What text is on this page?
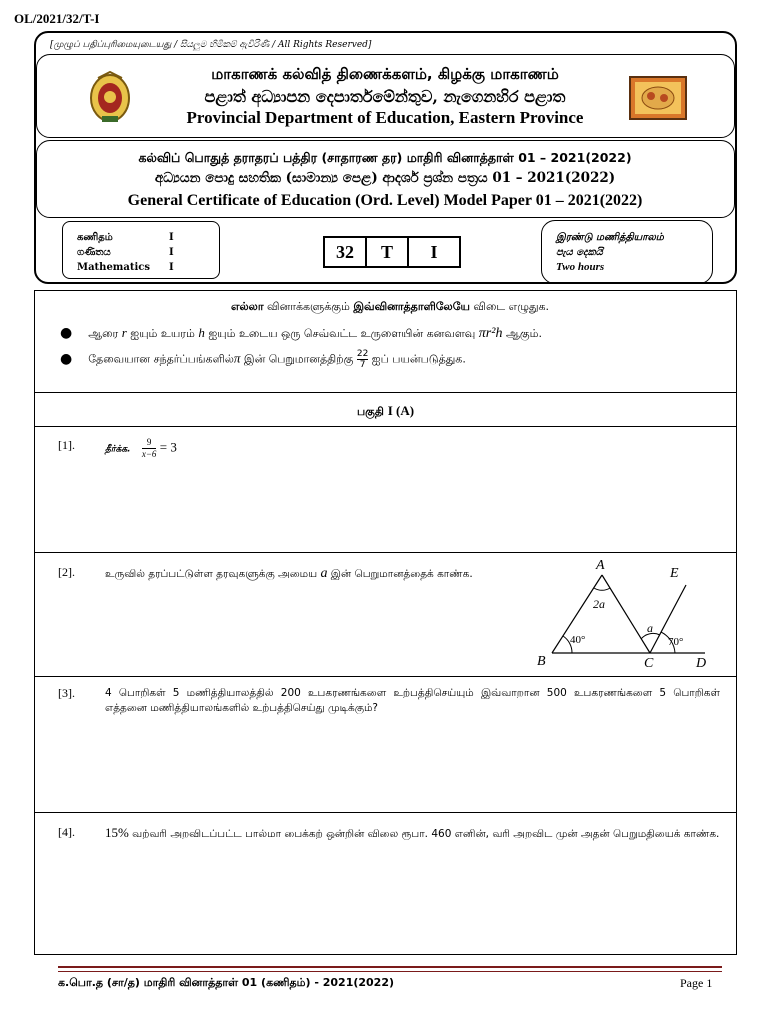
OL/2021/32/T-I
[முழுப் பதிப்புரிமையுடையது / සියලුම හිමිකම් ඇවිරිණි / All Rights Reserved]
மாகாணக் கல்வித் திணைக்களம், கிழக்கு மாகாணம்
පළාත් අධ්‍යාපන දෙපාර්තමේන්තුව, නැගෙනහිර පළාත
Provincial Department of Education, Eastern Province
கல்விப் பொதுத் தராதரப் பத்திர (சாதாரண தர) மாதிரி வினாத்தாள் 01 – 2021(2022)
අධ්‍යයන පොදු සහතික (සාමාන්‍ය පෙළ) ආදර්ශ ප්‍රශ්න පත්‍රය 01 – 2021(2022)
General Certificate of Education (Ord. Level) Model Paper 01 – 2021(2022)
கணிதம்	I
ගණිතය	I
Mathematics	I
32	T	I
இரண்டு மணித்தியாலம்
පැය දෙකයි
Two hours
எல்லா வினாக்களுக்கும் இவ்வினாத்தாளிலேயே விடை எழுதுக.
● ஆரை r ஐயும் உயரம் h ஐயும் உடைய ஒரு செவ்வட்ட உருளையின் கனவளவு πr²h ஆகும்.
● தேவையான சந்தர்ப்பங்களில்π இன் பெறுமானத்திற்கு $\frac{22}{7}$ ஐப் பயன்படுத்துக.
பகுதி I (A)
[1].	தீர்க்க. $\frac{9}{x-6} = 3$
[2].	உருவில் தரப்பட்டுள்ள தரவுகளுக்கு அமைய a இன் பெறுமானத்தைக் காண்க.
A
B	C	D
E
2a
40°
a
70°
[3].	4 பொறிகள் 5 மணித்தியாலத்தில் 200 உபகரணங்களை உற்பத்திசெய்யும் இவ்வாறான 500 உபகரணங்களை 5 பொறிகள் எத்தனை மணித்தியாலங்களில் உற்பத்திசெய்து முடிக்கும்?
[4]. 15% வற்வரி அறவிடப்பட்ட பால்மா பைக்கற் ஒன்றின் விலை ரூபா. 460 எனின், வரி அறவிட முன் அதன் பெறுமதியைக் காண்க.
க.பொ.த (சா/த) மாதிரி வினாத்தாள் 01 (கணிதம்) - 2021(2022)	Page 1
